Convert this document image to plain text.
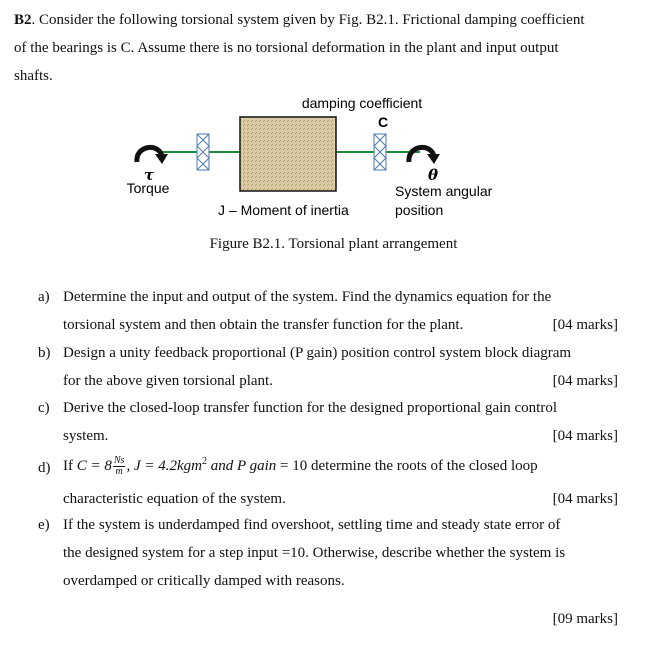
B2. Consider the following torsional system given by Fig. B2.1. Frictional damping coefficient
of the bearings is C. Assume there is no torsional deformation in the plant and input output
shafts.
damping coefficient
C
τ
Torque
θ
System angular
position
J – Moment of inertia
Figure B2.1. Torsional plant arrangement
a) Determine the input and output of the system. Find the dynamics equation for the
torsional system and then obtain the transfer function for the plant.	[04 marks]
b) Design a unity feedback proportional (P gain) position control system block diagram
for the above given torsional plant.	[04 marks]
c) Derive the closed-loop transfer function for the designed proportional gain control
system.	[04 marks]
d) If $C = 8 \frac{Ns}{m}$ , J = 4.2kgm$^2$ and P gain = 10 determine the roots of the closed loop
characteristic equation of the system.	[04 marks]
e) If the system is underdamped find overshoot, settling time and steady state error of
the designed system for a step input =10. Otherwise, describe whether the system is
overdamped or critically damped with reasons.
[09 marks]
